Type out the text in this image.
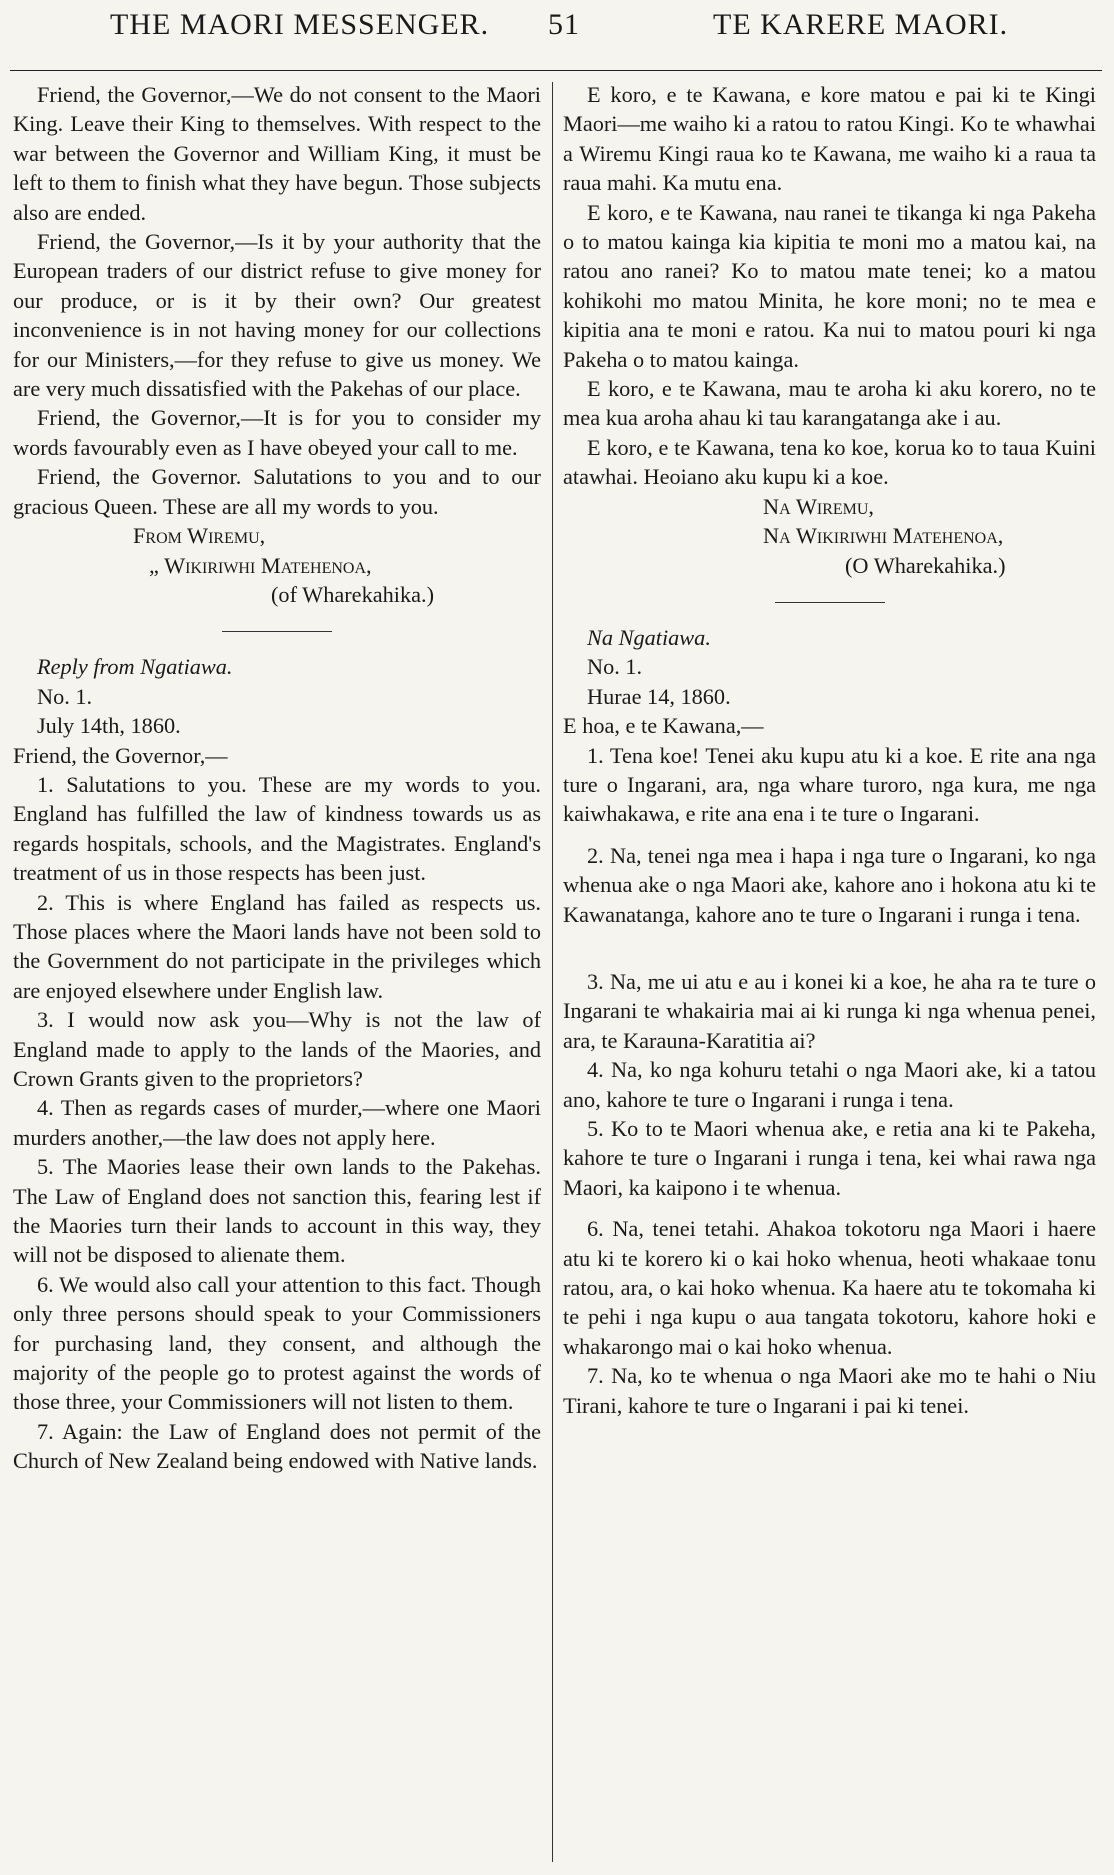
THE MAORI MESSENGER. 51	TE KARERE MAORI.

Friend, the Governor,—We do not consent to the Maori King. Leave their King to themselves. With respect to the war between the Governor and William King, it must be left to them to finish what they have begun. Those subjects also are ended.

Friend, the Governor,—Is it by your authority that the European traders of our district refuse to give money for our produce, or is it by their own? Our greatest inconvenience is in not having money for our collections for our Ministers,—for they refuse to give us money. We are very much dissatisfied with the Pakehas of our place.

Friend, the Governor,—It is for you to consider my words favourably even as I have obeyed your call to me.

Friend, the Governor. Salutations to you and to our gracious Queen. These are all my words to you.

From Wiremu,
„ Wikiriwhi Matehenoa,
(of Wharekahika.)

Reply from Ngatiawa.

No. 1.

July 14th, 1860.

Friend, the Governor,—

1. Salutations to you. These are my words to you. England has fulfilled the law of kindness towards us as regards hospitals, schools, and the Magistrates. England's treatment of us in those respects has been just.

2. This is where England has failed as respects us. Those places where the Maori lands have not been sold to the Government do not participate in the privileges which are enjoyed elsewhere under English law.

3. I would now ask you—Why is not the law of England made to apply to the lands of the Maories, and Crown Grants given to the proprietors?

4. Then as regards cases of murder,—where one Maori murders another,—the law does not apply here.

5. The Maories lease their own lands to the Pakehas. The Law of England does not sanction this, fearing lest if the Maories turn their lands to account in this way, they will not be disposed to alienate them.

6. We would also call your attention to this fact. Though only three persons should speak to your Commissioners for purchasing land, they consent, and although the majority of the people go to protest against the words of those three, your Commissioners will not listen to them.

7. Again: the Law of England does not permit of the Church of New Zealand being endowed with Native lands.

E koro, e te Kawana, e kore matou e pai ki te Kingi Maori—me waiho ki a ratou to ratou Kingi. Ko te whawhai a Wiremu Kingi raua ko te Kawana, me waiho ki a raua ta raua mahi. Ka mutu ena.

E koro, e te Kawana, nau ranei te tikanga ki nga Pakeha o to matou kainga kia kipitia te moni mo a matou kai, na ratou ano ranei? Ko to matou mate tenei; ko a matou kohikohi mo matou Minita, he kore moni; no te mea e kipitia ana te moni e ratou. Ka nui to matou pouri ki nga Pakeha o to matou kainga.

E koro, e te Kawana, mau te aroha ki aku korero, no te mea kua aroha ahau ki tau karangatanga ake i au.

E koro, e te Kawana, tena ko koe, korua ko to taua Kuini atawhai. Heoiano aku kupu ki a koe.

Na Wiremu,
Na Wikiriwhi Matehenoa,
(O Wharekahika.)

Na Ngatiawa.

No. 1.

Hurae 14, 1860.

E hoa, e te Kawana,—

1. Tena koe! Tenei aku kupu atu ki a koe. E rite ana nga ture o Ingarani, ara, nga whare turoro, nga kura, me nga kaiwhakawa, e rite ana ena i te ture o Ingarani.

2. Na, tenei nga mea i hapa i nga ture o Ingarani, ko nga whenua ake o nga Maori ake, kahore ano i hokona atu ki te Kawanatanga, kahore ano te ture o Ingarani i runga i tena.

3. Na, me ui atu e au i konei ki a koe, he aha ra te ture o Ingarani te whakairia mai ai ki runga ki nga whenua penei, ara, te Karauna-Karatitia ai?

4. Na, ko nga kohuru tetahi o nga Maori ake, ki a tatou ano, kahore te ture o Ingarani i runga i tena.

5. Ko to te Maori whenua ake, e retia ana ki te Pakeha, kahore te ture o Ingarani i runga i tena, kei whai rawa nga Maori, ka kaipono i te whenua.

6. Na, tenei tetahi. Ahakoa tokotoru nga Maori i haere atu ki te korero ki o kai hoko whenua, heoti whakaae tonu ratou, ara, o kai hoko whenua. Ka haere atu te tokomaha ki te pehi i nga kupu o aua tangata tokotoru, kahore hoki e whakarongo mai o kai hoko whenua.

7. Na, ko te whenua o nga Maori ake mo te hahi o Niu Tirani, kahore te ture o Ingarani i pai ki tenei.
